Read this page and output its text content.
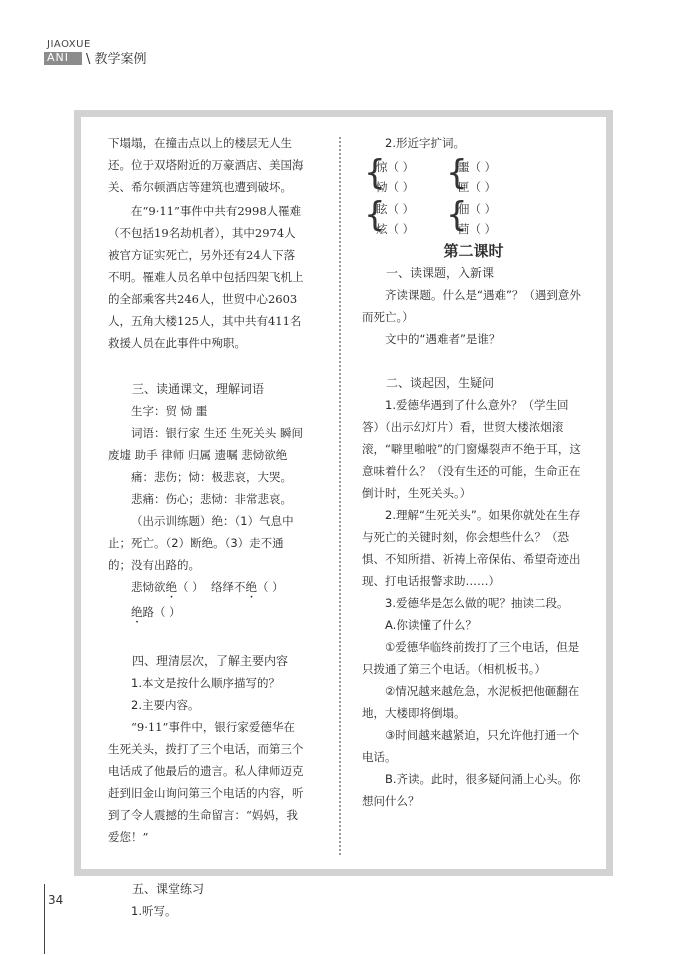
JIAOXUE
ANI \ 教学案例

下塌塌，在撞击点以上的楼层无人生还。位于双塔附近的万豪酒店、美国海关、希尔顿酒店等建筑也遭到破坏。

在“9·11”事件中共有2998人罹难（不包括19名劫机者），其中2974人被官方证实死亡，另外还有24人下落不明。罹难人员名单中包括四架飞机上的全部乘客共246人，世贸中心2603人，五角大楼125人，其中共有411名救援人员在此事件中殉职。

三、读通课文，理解词语

生字：贸 恸 噩

词语：银行家 生还 生死关头 瞬间 废墟 助手 律师 归属 遗嘱 悲恸欲绝

痛：悲伤；恸：极悲哀，大哭。

悲痛：伤心；悲恸：非常悲哀。

（出示训练题）绝：（1）气息中止；死亡。（2）断绝。（3）走不通的；没有出路的。

悲恸欲绝（ ） 络绎不绝（ ）

绝路（ ）

四、理清层次，了解主要内容

1.本文是按什么顺序描写的？

2.主要内容。

“9·11”事件中，银行家爱德华在生死关头，拨打了三个电话，而第三个电话成了他最后的遗言。私人律师迈克赶到旧金山询问第三个电话的内容，听到了令人震撼的生命留言：“妈妈，我爱您！”

五、课堂练习

1.听写。

2.形近字扩词。

{
惊（ ）
恸（ ） {
噩（ ）
匣（ ）
{
眩（ ）
炫（ ） {
佃（ ）
茴（ ）

第二课时

一、读课题，入新课

齐读课题。什么是“遇难”？（遇到意外而死亡。）

文中的“遇难者”是谁？

二、谈起因，生疑问

1.爱德华遇到了什么意外？（学生回答）（出示幻灯片）看，世贸大楼浓烟滚滚，“噼里啪啦”的门窗爆裂声不绝于耳，这意味着什么？（没有生还的可能，生命正在倒计时，生死关头。）

2.理解“生死关头”。如果你就处在生存与死亡的关键时刻，你会想些什么？（恐惧、不知所措、祈祷上帝保佑、希望奇迹出现、打电话报警求助……）

3.爱德华是怎么做的呢？抽读二段。

A.你读懂了什么？

①爱德华临终前拨打了三个电话，但是只拨通了第三个电话。（相机板书。）

②情况越来越危急，水泥板把他砸翻在地，大楼即将倒塌。

③时间越来越紧迫，只允许他打通一个电话。

B.齐读。此时，很多疑问涌上心头。你想问什么？

34
